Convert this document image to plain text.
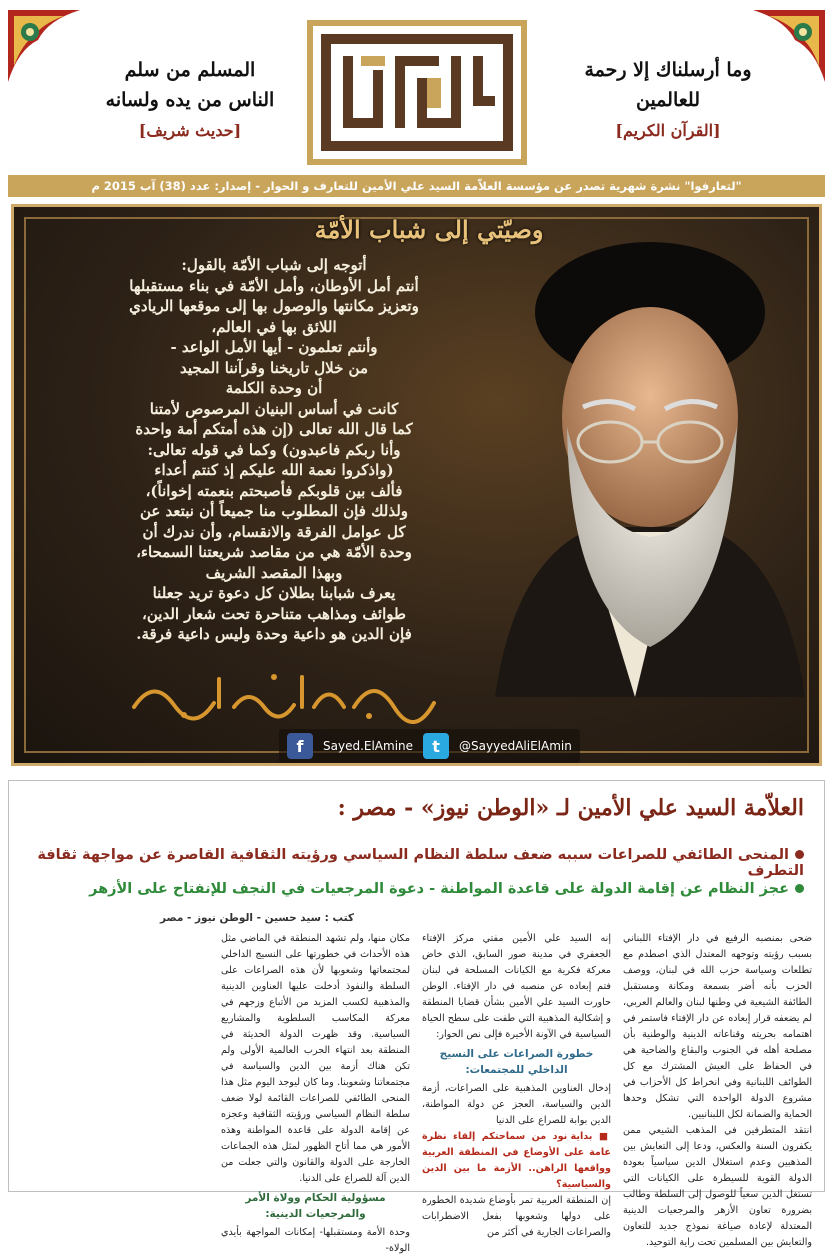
وما أرسلناك إلا رحمة
للعالمين
[القرآن الكريم]
المسلم من سلم
الناس من يده ولسانه
[حديث شريف]
"لتعارفوا" نشرة شهرية تصدر عن مؤسسة العلاّمة السيد علي الأمين للتعارف و الحوار - إصدار: عدد (38) آب 2015 م
وصيّتي إلى شباب الأمّة
أتوجه إلى شباب الأمّة بالقول:
أنتم أمل الأوطان، وأمل الأمّة في بناء مستقبلها
وتعزيز مكانتها والوصول بها إلى موقعها الريادي
اللائق بها في العالم،
وأنتم تعلمون - أيها الأمل الواعد -
من خلال تاريخنا وقرآننا المجيد
أن وحدة الكلمة
كانت في أساس البنيان المرصوص لأمتنا
كما قال الله تعالى (إن هذه أمتكم أمة واحدة
وأنا ربكم فاعبدون) وكما في قوله تعالى:
(واذكروا نعمة الله عليكم إذ كنتم أعداء
فألف بين قلوبكم فأصبحتم بنعمته إخواناً)،
ولذلك فإن المطلوب منا جميعاً أن نبتعد عن
كل عوامل الفرقة والانقسام، وأن ندرك أن
وحدة الأمّة هي من مقاصد شريعتنا السمحاء،
وبهذا المقصد الشريف
يعرف شبابنا بطلان كل دعوة تريد جعلنا
طوائف ومذاهب متناحرة تحت شعار الدين،
فإن الدين هو داعية وحدة وليس داعية فرقة.
f	Sayed.ElAmine	t	@SayyedAliElAmin
العلاّمة السيد علي الأمين لـ «الوطن نيوز» - مصر :
المنحى الطائفي للصراعات سببه ضعف سلطة النظام السياسي ورؤيته الثقافية القاصرة عن مواجهة ثقافة التطرف
عجز النظام عن إقامة الدولة على قاعدة المواطنة - دعوة المرجعيات في النجف للإنفتاح على الأزهر
كتب : سيد حسين - الوطن نيوز - مصر
ضحى بمنصبه الرفيع في دار الإفتاء اللبناني بسبب رؤيته وتوجهه المعتدل الذي اصطدم مع تطلعات وسياسة حزب الله في لبنان، ووصف الحزب بأنه أضر بسمعة ومكانة ومستقبل الطائفة الشيعية في وطنها لبنان والعالم العربي، لم يضعفه قرار إبعاده عن دار الإفتاء فاستمر في اهتمامه بحريته وقناعاته الدينية والوطنية بأن مصلحة أهله في الجنوب والبقاع والضاحية هي في الحفاظ على العيش المشترك مع كل الطوائف اللبنانية وفي انخراط كل الأحزاب في مشروع الدولة الواحدة التي تشكل وحدها الحماية والضمانة لكل اللبنانيين.
انتقد المتطرفين في المذهب الشيعي ممن يكفرون السنة والعكس، ودعا إلى التعايش بين المذهبين وعدم استغلال الدين سياسياً بعودة الدولة القوية للسيطرة على الكيانات التي تستغل الدين سعياً للوصول إلى السلطة وطالب بضرورة تعاون الأزهر والمرجعيات الدينية المعتدلة لإعادة صياغة نموذج جديد للتعاون والتعايش بين المسلمين تحت راية التوحيد.
إنه السيد علي الأمين مفتي مركز الإفتاء الجعفري في مدينة صور السابق، الذي خاض معركة فكرية مع الكيانات المسلحة في لبنان فتم إبعاده عن منصبه في دار الإفتاء. الوطن حاورت السيد علي الأمين بشأن قضايا المنطقة و إشكالية المذهبية التي طفت على سطح الحياة السياسية في الآونة الأخيرة فإلى نص الحوار:
خطورة الصراعات على النسيج الداخلي للمجتمعات:
إدخال العناوين المذهبية على الصراعات، أزمة الدين والسياسة، العجز عن دولة المواطنة، الدين بوابة للصراع على الدنيا
■ بداية نود من سماحتكم إلقاء نظرة عامة على الأوضاع في المنطقة العربية وواقعها الراهن.. الأزمة ما بين الدين والسياسية؟
إن المنطقة العربية تمر بأوضاع شديدة الخطورة على دولها وشعوبها بفعل الاضطرابات والصراعات الجارية في أكثر من
مكان منها، ولم تشهد المنطقة في الماضي مثل هذه الأحداث في خطورتها على النسيج الداخلي لمجتمعاتها وشعوبها لأن هذه الصراعات على السلطة والنفوذ أدخلت عليها العناوين الدينية والمذهبية لكسب المزيد من الأتباع وزجهم في معركة المكاسب السلطوية والمشاريع السياسية. وقد ظهرت الدولة الحديثة في المنطقة بعد انتهاء الحرب العالمية الأولى ولم تكن هناك أزمة بين الدين والسياسة في مجتمعاتنا وشعوبنا. وما كان ليوجد اليوم مثل هذا المنحى الطائفي للصراعات القائمة لولا ضعف سلطة النظام السياسي ورؤيته الثقافية وعجزه عن إقامة الدولة على قاعدة المواطنة وهذه الأمور هي مما أتاح الظهور لمثل هذه الجماعات الخارجة على الدولة والقانون والتي جعلت من الدين آلة للصراع على الدنيا.
مسؤولية الحكام وولاة الأمر والمرجعيات الدينية:
وحدة الأمة ومستقبلها- إمكانات المواجهة بأيدي الولاة-
